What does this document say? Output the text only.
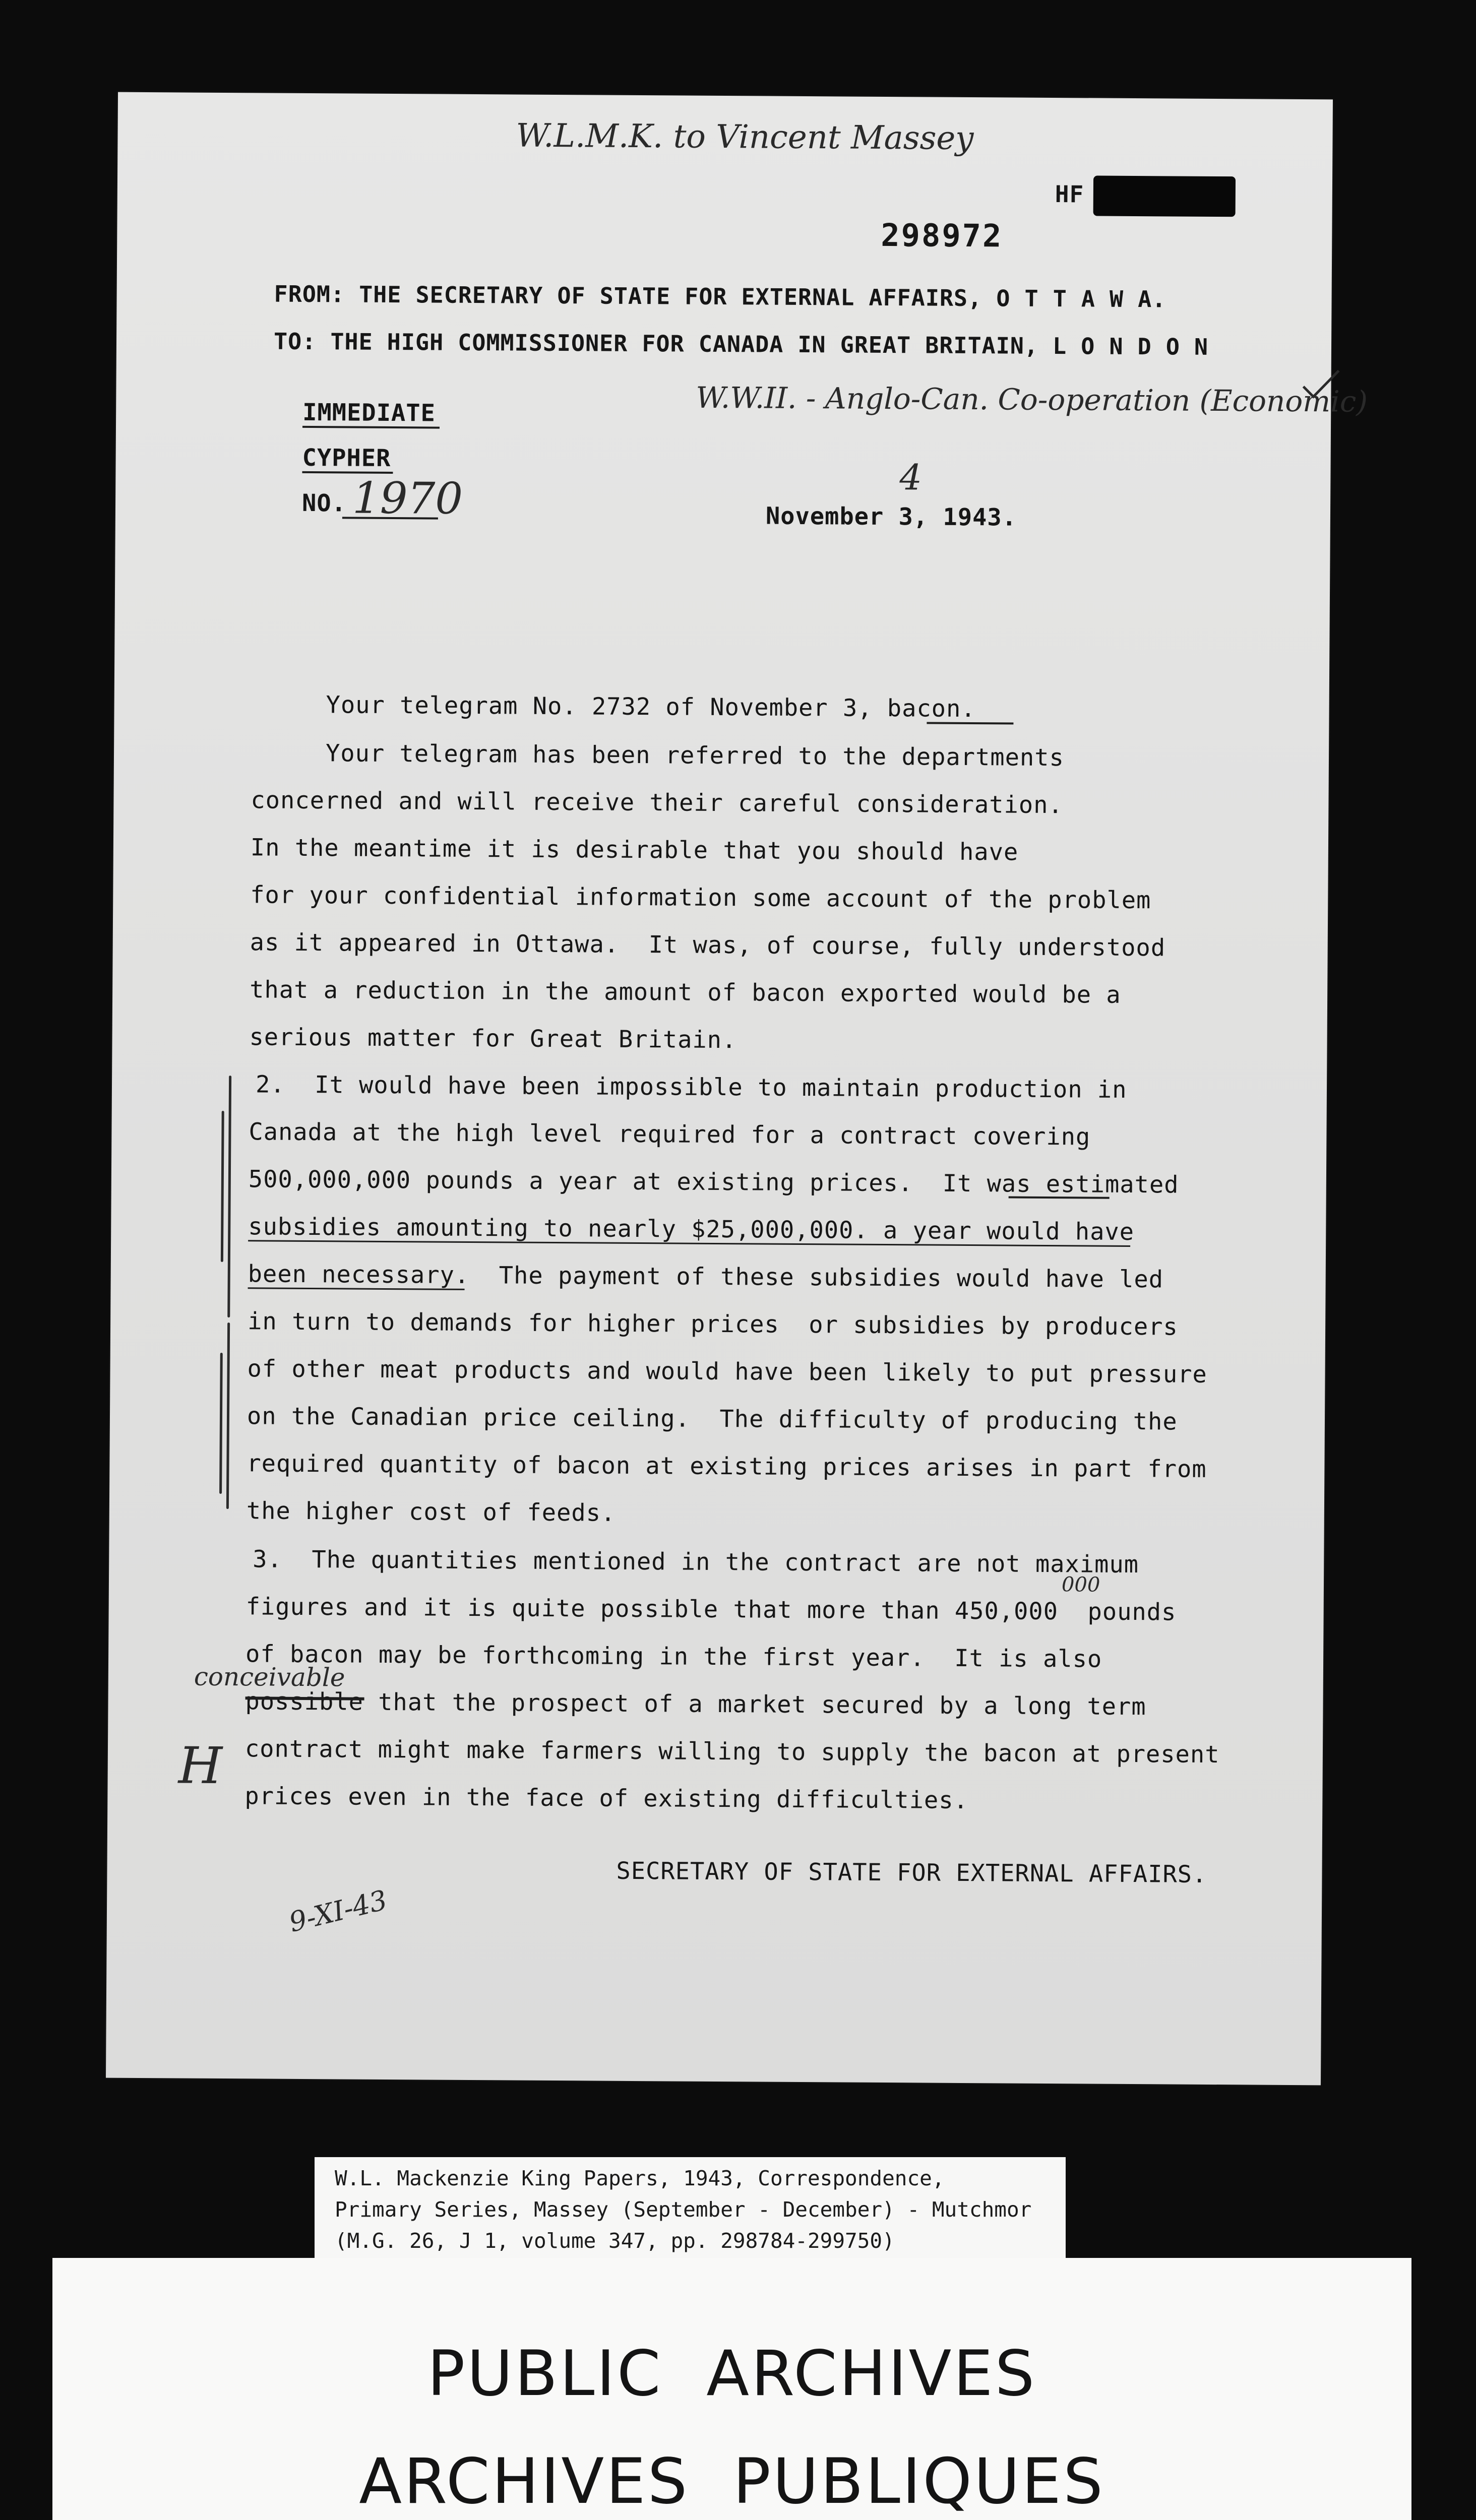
W.L.M.K. to Vincent Massey
HF
298972
FROM: THE SECRETARY OF STATE FOR EXTERNAL AFFAIRS, O T T A W A.
TO: THE HIGH COMMISSIONER FOR CANADA IN GREAT BRITAIN, L O N D O N
W.W.II. - Anglo-Can. Co-operation (Economic)
IMMEDIATE
CYPHER
NO. 1970	4
November 3, 1943.
Your telegram No. 2732 of November 3, bacon.
Your telegram has been referred to the departments
concerned and will receive their careful consideration.
In the meantime it is desirable that you should have
for your confidential information some account of the problem
as it appeared in Ottawa.  It was, of course, fully understood
that a reduction in the amount of bacon exported would be a
serious matter for Great Britain.
2.  It would have been impossible to maintain production in
Canada at the high level required for a contract covering
500,000,000 pounds a year at existing prices.  It was estimated
subsidies amounting to nearly $25,000,000. a year would have
been necessary.  The payment of these subsidies would have led
in turn to demands for higher prices  or subsidies by producers
of other meat products and would have been likely to put pressure
on the Canadian price ceiling.  The difficulty of producing the
required quantity of bacon at existing prices arises in part from
the higher cost of feeds.
3.  The quantities mentioned in the contract are not maximum
000
figures and it is quite possible that more than 450,000  pounds
of bacon may be forthcoming in the first year.  It is also
conceivable
possible that the prospect of a market secured by a long term
contract might make farmers willing to supply the bacon at present
prices even in the face of existing difficulties.
SECRETARY OF STATE FOR EXTERNAL AFFAIRS.
H
9-XI-43
W.L. Mackenzie King Papers, 1943, Correspondence,
Primary Series, Massey (September - December) - Mutchmor
(M.G. 26, J 1, volume 347, pp. 298784-299750)
PUBLIC  ARCHIVES
ARCHIVES  PUBLIQUES
